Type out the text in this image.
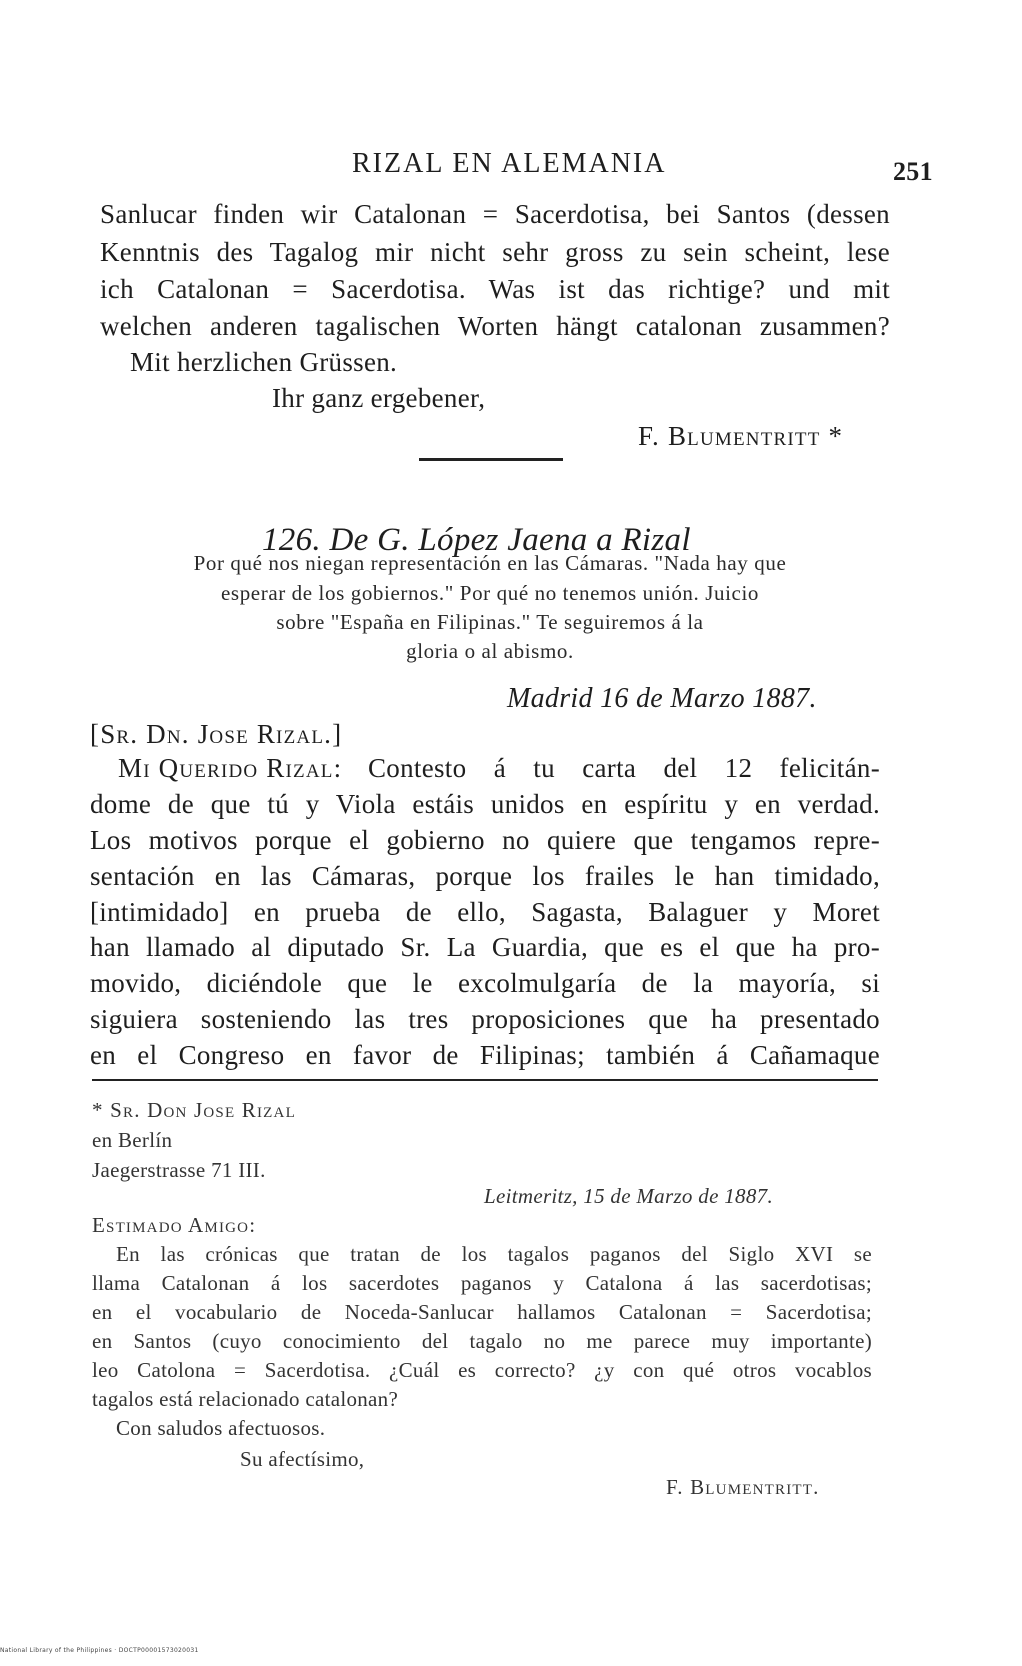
RIZAL EN ALEMANIA	251
Sanlucar finden wir Catalonan = Sacerdotisa, bei Santos (dessen
Kenntnis des Tagalog mir nicht sehr gross zu sein scheint, lese
ich Catalonan = Sacerdotisa. Was ist das richtige? und mit
welchen anderen tagalischen Worten hängt catalonan zusammen?
Mit herzlichen Grüssen.
Ihr ganz ergebener,
F. Blumentritt *
126. De G. López Jaena a Rizal
Por qué nos niegan representación en las Cámaras. "Nada hay que
esperar de los gobiernos." Por qué no tenemos unión. Juicio
sobre "España en Filipinas." Te seguiremos á la
gloria o al abismo.
Madrid 16 de Marzo 1887.
[Sr. Dn. Jose Rizal.]
Mi Querido Rizal: Contesto á tu carta del 12 felicitán-
dome de que tú y Viola estáis unidos en espíritu y en verdad.
Los motivos porque el gobierno no quiere que tengamos repre-
sentación en las Cámaras, porque los frailes le han timidado,
[intimidado] en prueba de ello, Sagasta, Balaguer y Moret
han llamado al diputado Sr. La Guardia, que es el que ha pro-
movido, diciéndole que le excolmulgaría de la mayoría, si
siguiera sosteniendo las tres proposiciones que ha presentado
en el Congreso en favor de Filipinas; también á Cañamaque
* Sr. Don Jose Rizal
en Berlín
Jaegerstrasse 71 III.
Leitmeritz, 15 de Marzo de 1887.
Estimado Amigo:
En las crónicas que tratan de los tagalos paganos del Siglo XVI se
llama Catalonan á los sacerdotes paganos y Catalona á las sacerdotisas;
en el vocabulario de Noceda-Sanlucar hallamos Catalonan = Sacerdotisa;
en Santos (cuyo conocimiento del tagalo no me parece muy importante)
leo Catolona = Sacerdotisa. ¿Cuál es correcto? ¿y con qué otros vocablos
tagalos está relacionado catalonan?
Con saludos afectuosos.
Su afectísimo,
F. Blumentritt.
National Library of the Philippines · DOCTP00001573020031
